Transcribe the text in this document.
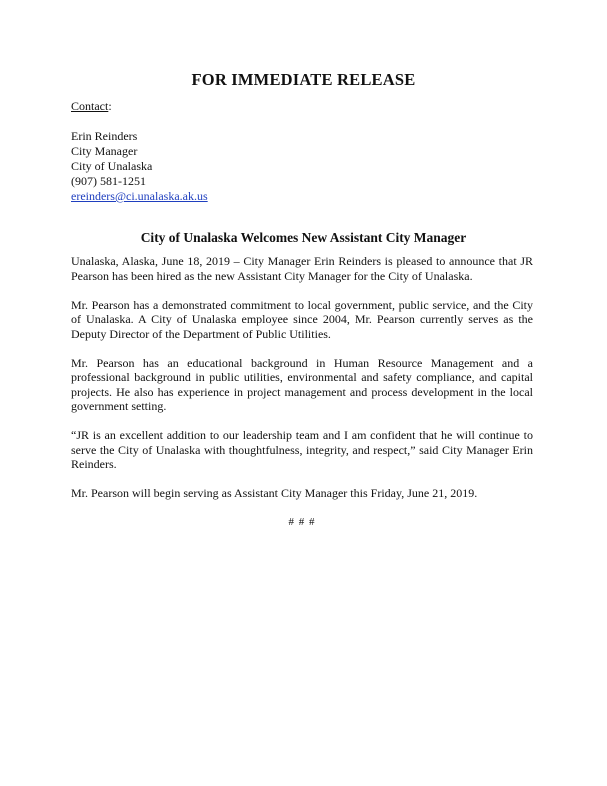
FOR IMMEDIATE RELEASE
Contact:
Erin Reinders
City Manager
City of Unalaska
(907) 581-1251
ereinders@ci.unalaska.ak.us
City of Unalaska Welcomes New Assistant City Manager

Unalaska, Alaska, June 18, 2019 – City Manager Erin Reinders is pleased to announce that JR Pearson has been hired as the new Assistant City Manager for the City of Unalaska.

Mr. Pearson has a demonstrated commitment to local government, public service, and the City of Unalaska. A City of Unalaska employee since 2004, Mr. Pearson currently serves as the Deputy Director of the Department of Public Utilities.

Mr. Pearson has an educational background in Human Resource Management and a professional background in public utilities, environmental and safety compliance, and capital projects. He also has experience in project management and process development in the local government setting.

“JR is an excellent addition to our leadership team and I am confident that he will continue to serve the City of Unalaska with thoughtfulness, integrity, and respect,” said City Manager Erin Reinders.

Mr. Pearson will begin serving as Assistant City Manager this Friday, June 21, 2019.

# # #
